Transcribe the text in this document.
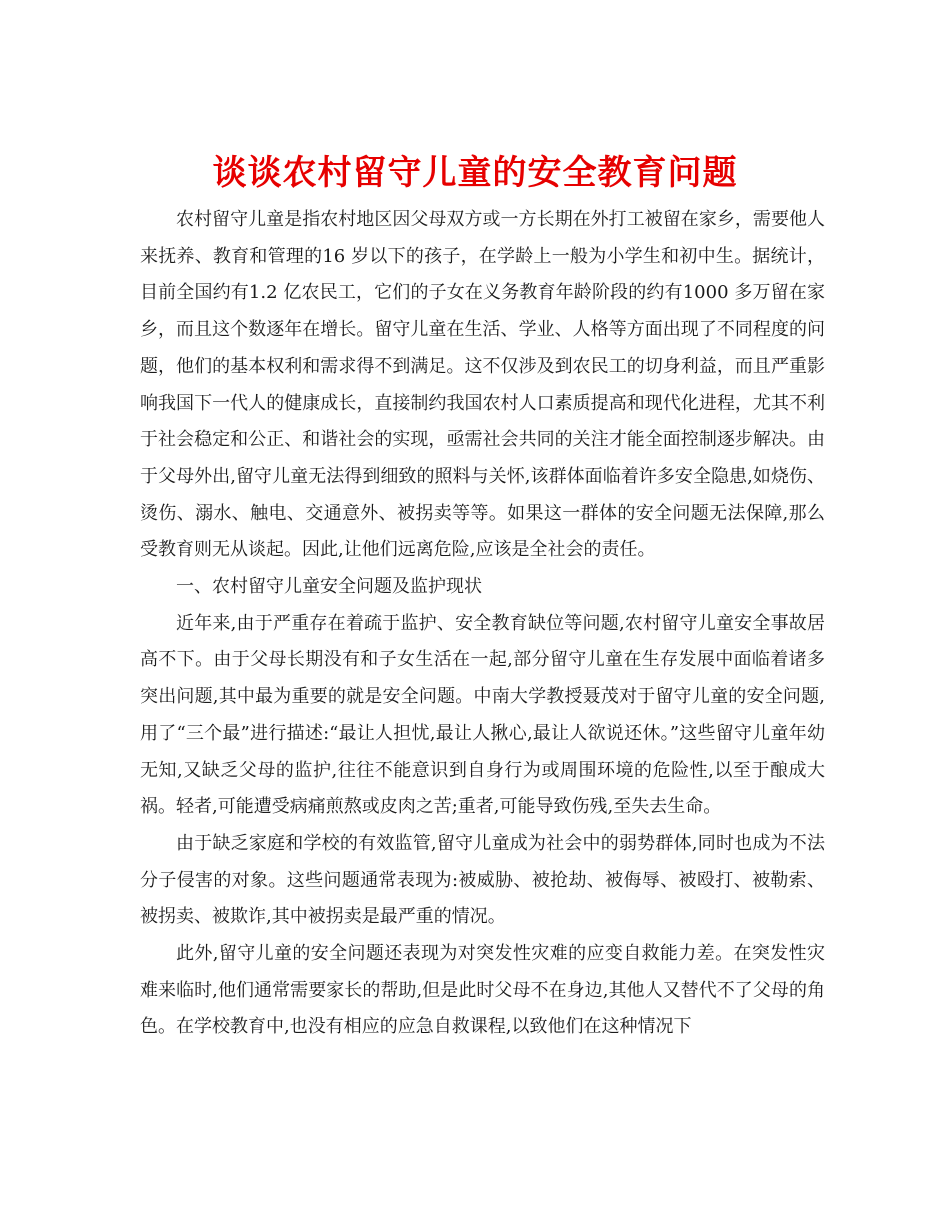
谈谈农村留守儿童的安全教育问题

农村留守儿童是指农村地区因父母双方或一方长期在外打工被留在家乡，需要他人来抚养、教育和管理的16 岁以下的孩子，在学龄上一般为小学生和初中生。据统计，目前全国约有1.2 亿农民工，它们的子女在义务教育年龄阶段的约有1000 多万留在家乡，而且这个数逐年在增长。留守儿童在生活、学业、人格等方面出现了不同程度的问题，他们的基本权利和需求得不到满足。这不仅涉及到农民工的切身利益，而且严重影响我国下一代人的健康成长，直接制约我国农村人口素质提高和现代化进程，尤其不利于社会稳定和公正、和谐社会的实现，亟需社会共同的关注才能全面控制逐步解决。由于父母外出,留守儿童无法得到细致的照料与关怀,该群体面临着许多安全隐患,如烧伤、烫伤、溺水、触电、交通意外、被拐卖等等。如果这一群体的安全问题无法保障,那么受教育则无从谈起。因此,让他们远离危险,应该是全社会的责任。

一、农村留守儿童安全问题及监护现状

近年来,由于严重存在着疏于监护、安全教育缺位等问题,农村留守儿童安全事故居高不下。由于父母长期没有和子女生活在一起,部分留守儿童在生存发展中面临着诸多突出问题,其中最为重要的就是安全问题。中南大学教授聂茂对于留守儿童的安全问题,用了“三个最”进行描述:“最让人担忧,最让人揪心,最让人欲说还休。”这些留守儿童年幼无知,又缺乏父母的监护,往往不能意识到自身行为或周围环境的危险性,以至于酿成大祸。轻者,可能遭受病痛煎熬或皮肉之苦;重者,可能导致伤残,至失去生命。

由于缺乏家庭和学校的有效监管,留守儿童成为社会中的弱势群体,同时也成为不法分子侵害的对象。这些问题通常表现为:被威胁、被抢劫、被侮辱、被殴打、被勒索、被拐卖、被欺诈,其中被拐卖是最严重的情况。

此外,留守儿童的安全问题还表现为对突发性灾难的应变自救能力差。在突发性灾难来临时,他们通常需要家长的帮助,但是此时父母不在身边,其他人又替代不了父母的角色。在学校教育中,也没有相应的应急自救课程,以致他们在这种情况下
